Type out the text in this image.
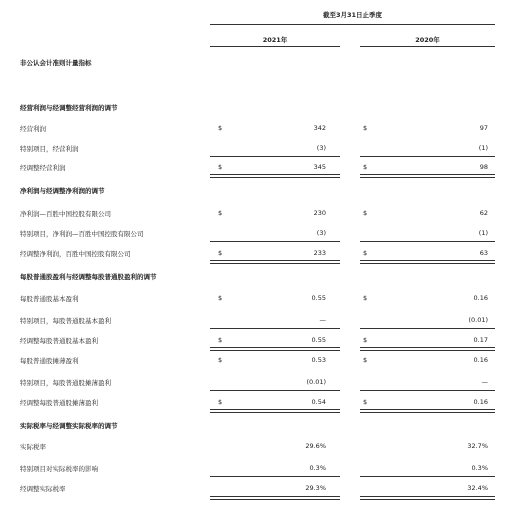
截至3月31日止季度
2021年	2020年
非公认会计准则计量指标
经营利润与经调整经营利润的调节
经营利润	$	342	$	97
特别项目，经营利润	(3)	(1)
经调整经营利润	$	345	$	98
净利润与经调整净利润的调节
净利润—百胜中国控股有限公司	$	230	$	62
特别项目，净利润—百胜中国控股有限公司	(3)	(1)
经调整净利润，百胜中国控股有限公司	$	233	$	63
每股普通股盈利与经调整每股普通股盈利的调节
每股普通股基本盈利	$	0.55	$	0.16
特别项目，每股普通股基本盈利	—	(0.01)
经调整每股普通股基本盈利	$	0.55	$	0.17
每股普通股摊薄盈利	$	0.53	$	0.16
特别项目，每股普通股摊薄盈利	(0.01)	—
经调整每股普通股摊薄盈利	$	0.54	$	0.16
实际税率与经调整实际税率的调节
实际税率	29.6%	32.7%
特别项目对实际税率的影响	0.3%	0.3%
经调整实际税率	29.3%	32.4%
